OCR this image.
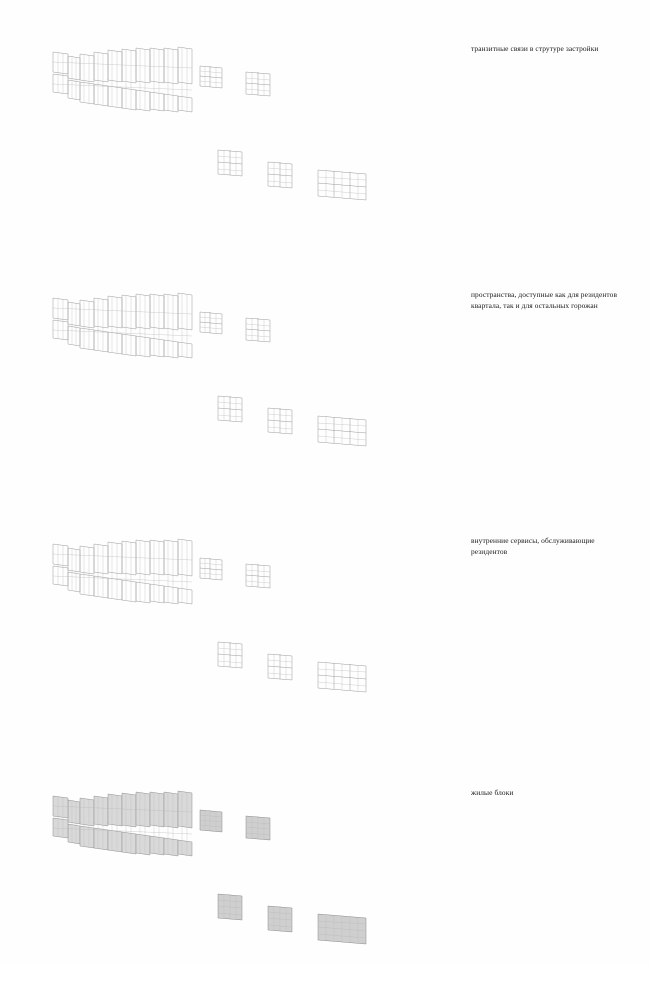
транзитные связи в струтуре застройки
пространства, доступные как для резидентов квартала, так и для остальных горожан
внутренние сервисы, обслуживающие резидентов
жилые блоки
